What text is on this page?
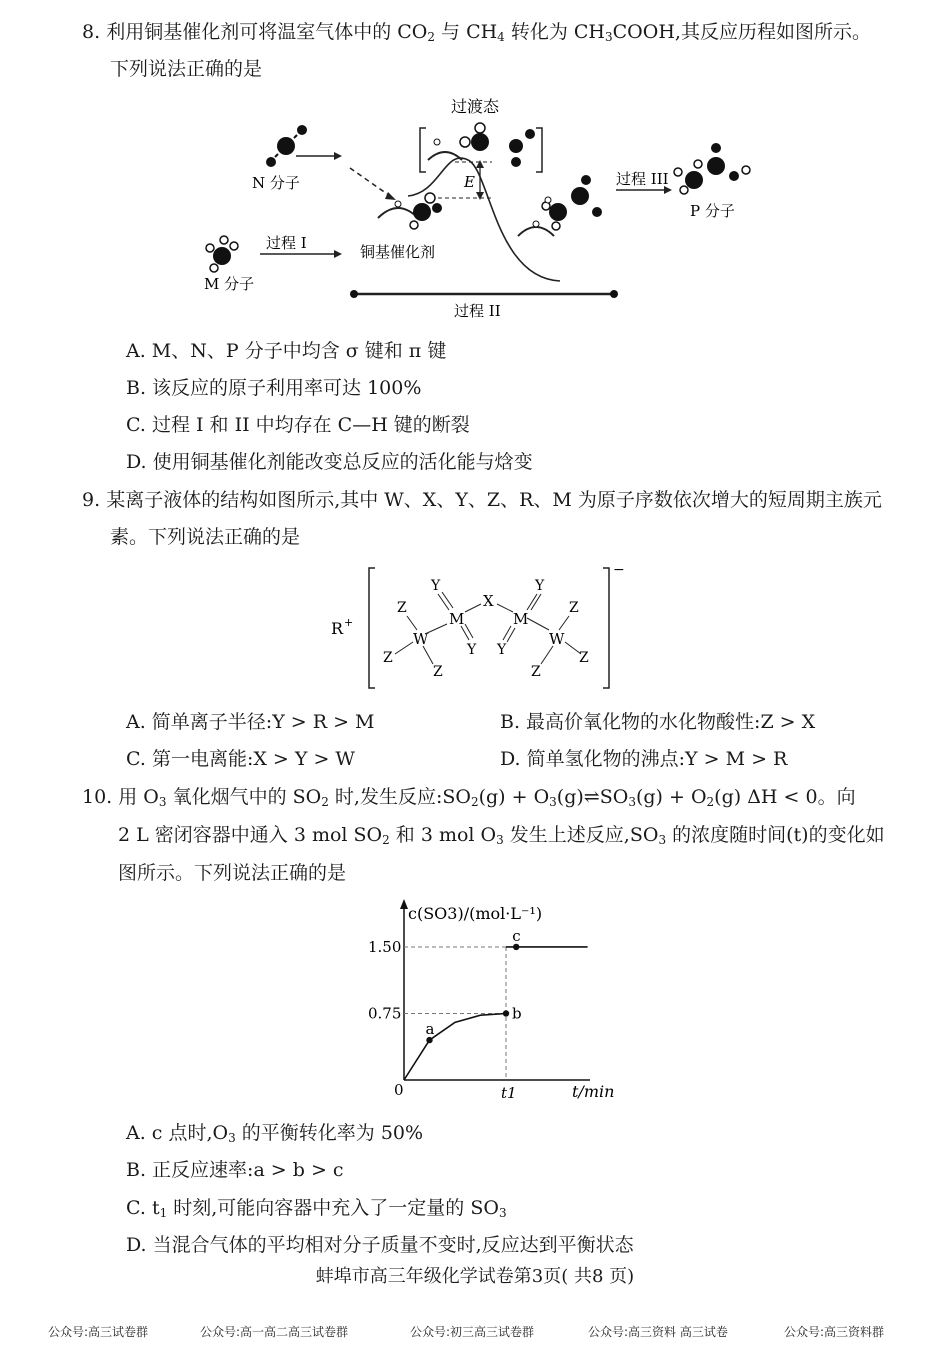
8. 利用铜基催化剂可将温室气体中的 $CO_2$ 与 $CH_4$ 转化为 $CH_3COOH$,其反应历程如图所示。
下列说法正确的是
过渡态
N 分子	E	过程 III
P 分子
M 分子
过程 I	铜基催化剂
过程 II
A. M、N、P 分子中均含 σ 键和 π 键
B. 该反应的原子利用率可达 100%
C. 过程 I 和 II 中均存在 C—H 键的断裂
D. 使用铜基催化剂能改变总反应的活化能与焓变
9. 某离子液体的结构如图所示,其中 W、X、Y、Z、R、M 为原子序数依次增大的短周期主族元
素。下列说法正确的是
R +
−
W
Z
Z
Z
M
Y
Y
X
M
Y
Y
W
Z
Z
Z
A. 简单离子半径:Y > R > M	B. 最高价氧化物的水化物酸性:Z > X
C. 第一电离能:X > Y > W	D. 简单氢化物的沸点:Y > M > R
10. 用 $O_3$ 氧化烟气中的 $SO_2$ 时,发生反应$:SO_2(g)$ + $O_3(g)\rightleftharpoons SO_3(g) + O_2(g) \Delta H < 0$。向
2 L 密闭容器中通入 3 mol $SO_2$ 和 3 mol $O_3$ 发生上述反应$,SO_3$ 的浓度随时间(t)的变化如
图所示。下列说法正确的是
c(SO3)/(mol·L⁻¹)
t/min
0
1.50
0.75
t1
a
b
c
A. c 点时$,O_3$ 的平衡转化率为 50%
B. 正反应速率:a > b > c
C. $t_1$ 时刻,可能向容器中充入了一定量的 $SO_3$
D. 当混合气体的平均相对分子质量不变时,反应达到平衡状态
蚌埠市高三年级化学试卷第3页( 共8 页)
公众号:高三试卷群	公众号:高一高二高三试卷群	公众号:初三高三试卷群	公众号:高三资料 高三试卷	公众号:高三资料群
